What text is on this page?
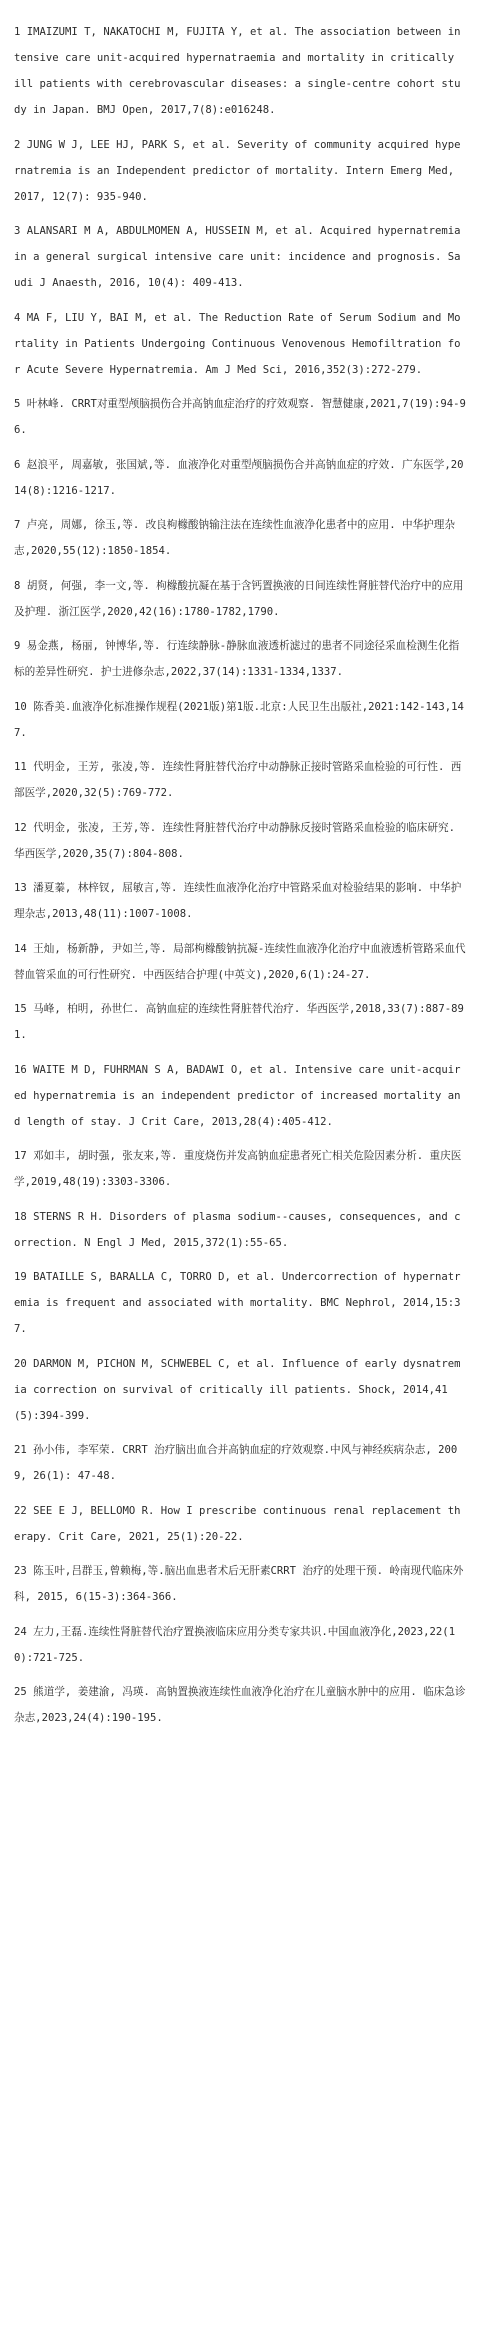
1 IMAIZUMI T, NAKATOCHI M, FUJITA Y, et al. The association between intensive care unit-acquired hypernatraemia and mortality in critically ill patients with cerebrovascular diseases: a single-centre cohort study in Japan. BMJ Open, 2017,7(8):e016248.
2 JUNG W J, LEE HJ, PARK S, et al. Severity of community acquired hypernatremia is an Independent predictor of mortality. Intern Emerg Med, 2017, 12(7): 935-940.
3 ALANSARI M A, ABDULMOMEN A, HUSSEIN M, et al. Acquired hypernatremia in a general surgical intensive care unit: incidence and prognosis. Saudi J Anaesth, 2016, 10(4): 409-413.
4 MA F, LIU Y, BAI M, et al. The Reduction Rate of Serum Sodium and Mortality in Patients Undergoing Continuous Venovenous Hemofiltration for Acute Severe Hypernatremia. Am J Med Sci, 2016,352(3):272-279.
5 叶林峰. CRRT对重型颅脑损伤合并高钠血症治疗的疗效观察. 智慧健康,2021,7(19):94-96.
6 赵浪平, 周嘉敏, 张国斌,等. 血液净化对重型颅脑损伤合并高钠血症的疗效. 广东医学,2014(8):1216-1217.
7 卢亮, 周娜, 徐玉,等. 改良枸橼酸钠输注法在连续性血液净化患者中的应用. 中华护理杂志,2020,55(12):1850-1854.
8 胡贤, 何强, 李一文,等. 枸橼酸抗凝在基于含钙置换液的日间连续性肾脏替代治疗中的应用及护理. 浙江医学,2020,42(16):1780-1782,1790.
9 易金燕, 杨丽, 钟博华,等. 行连续静脉-静脉血液透析滤过的患者不同途径采血检测生化指标的差异性研究. 护士进修杂志,2022,37(14):1331-1334,1337.
10 陈香美.血液净化标准操作规程(2021版)第1版.北京:人民卫生出版社,2021:142-143,147.
11 代明金, 王芳, 张凌,等. 连续性肾脏替代治疗中动静脉正接时管路采血检验的可行性. 西部医学,2020,32(5):769-772.
12 代明金, 张凌, 王芳,等. 连续性肾脏替代治疗中动静脉反接时管路采血检验的临床研究. 华西医学,2020,35(7):804-808.
13 潘夏蓁, 林梓钗, 屈敏言,等. 连续性血液净化治疗中管路采血对检验结果的影响. 中华护理杂志,2013,48(11):1007-1008.
14 王灿, 杨新静, 尹如兰,等. 局部枸橼酸钠抗凝-连续性血液净化治疗中血液透析管路采血代替血管采血的可行性研究. 中西医结合护理(中英文),2020,6(1):24-27.
15 马峰, 柏明, 孙世仁. 高钠血症的连续性肾脏替代治疗. 华西医学,2018,33(7):887-891.
16 WAITE M D, FUHRMAN S A, BADAWI O, et al. Intensive care unit-acquired hypernatremia is an independent predictor of increased mortality and length of stay. J Crit Care, 2013,28(4):405-412.
17 邓如丰, 胡时强, 张友来,等. 重度烧伤并发高钠血症患者死亡相关危险因素分析. 重庆医学,2019,48(19):3303-3306.
18 STERNS R H. Disorders of plasma sodium--causes, consequences, and correction. N Engl J Med, 2015,372(1):55-65.
19 BATAILLE S, BARALLA C, TORRO D, et al. Undercorrection of hypernatremia is frequent and associated with mortality. BMC Nephrol, 2014,15:37.
20 DARMON M, PICHON M, SCHWEBEL C, et al. Influence of early dysnatremia correction on survival of critically ill patients. Shock, 2014,41(5):394-399.
21 孙小伟, 李军荣. CRRT 治疗脑出血合并高钠血症的疗效观察.中风与神经疾病杂志, 2009, 26(1): 47-48.
22 SEE E J, BELLOMO R. How I prescribe continuous renal replacement therapy. Crit Care, 2021, 25(1):20-22.
23 陈玉叶,吕群玉,曾赖梅,等.脑出血患者术后无肝素CRRT 治疗的处理干预. 岭南现代临床外科, 2015, 6(15-3):364-366.
24 左力,王磊.连续性肾脏替代治疗置换液临床应用分类专家共识.中国血液净化,2023,22(10):721-725.
25 熊道学, 姜建渝, 冯瑛. 高钠置换液连续性血液净化治疗在儿童脑水肿中的应用. 临床急诊杂志,2023,24(4):190-195.
